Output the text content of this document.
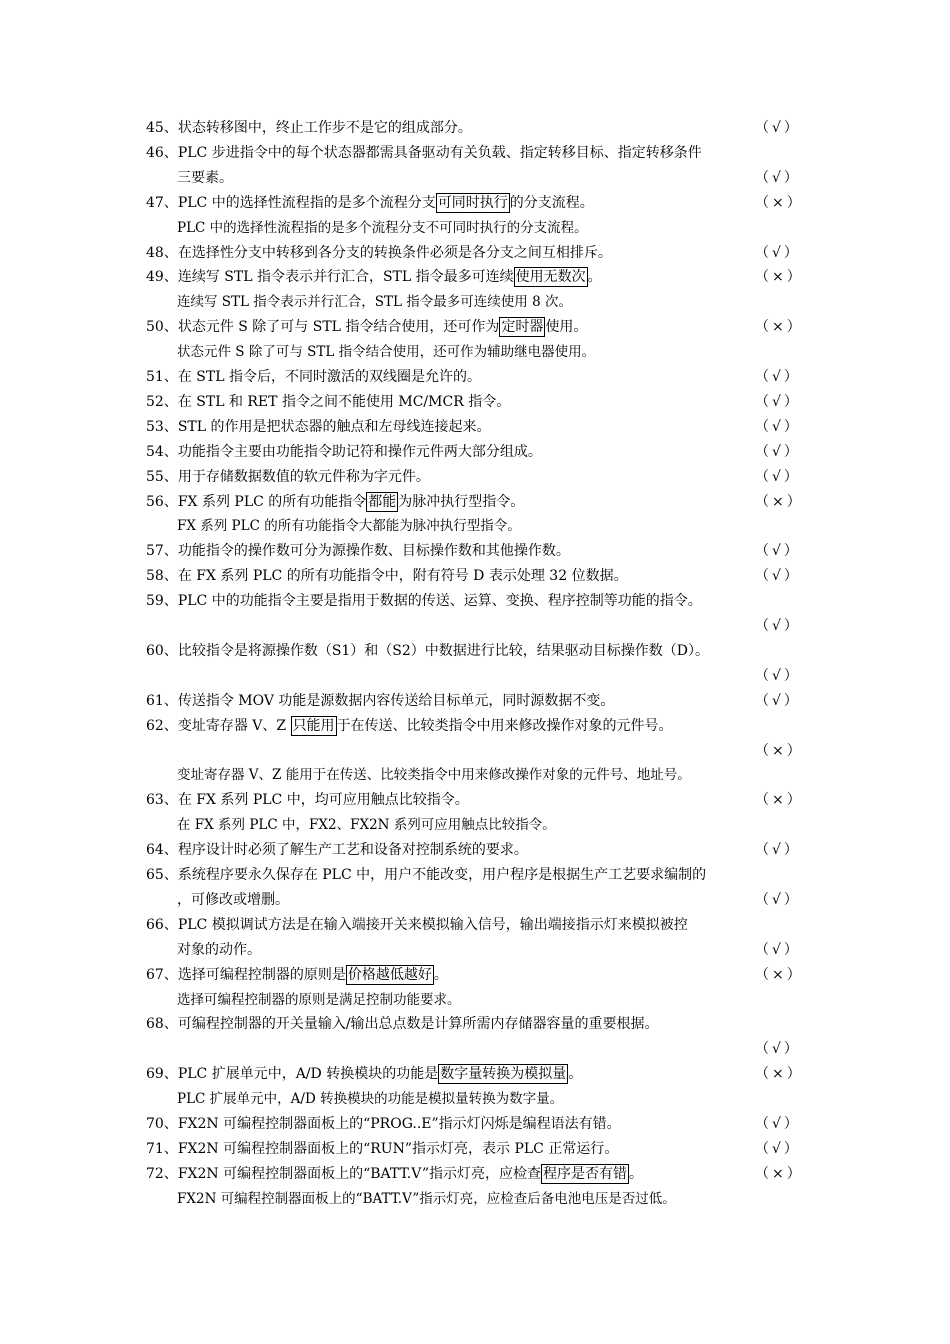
45、状态转移图中，终止工作步不是它的组成部分。	（√）
46、PLC 步进指令中的每个状态器都需具备驱动有关负载、指定转移目标、指定转移条件
三要素。	（√）
47、PLC 中的选择性流程指的是多个流程分支 可同时执行 的分支流程。	（×）
PLC 中的选择性流程指的是多个流程分支不可同时执行的分支流程。
48、在选择性分支中转移到各分支的转换条件必须是各分支之间互相排斥。	（√）
49、连续写 STL 指令表示并行汇合，STL 指令最多可连续 使用无数次 。	（×）
连续写 STL 指令表示并行汇合，STL 指令最多可连续使用 8 次。
50、状态元件 S 除了可与 STL 指令结合使用，还可作为 定时器 使用。	（×）
状态元件 S 除了可与 STL 指令结合使用，还可作为辅助继电器使用。
51、在 STL 指令后，不同时激活的双线圈是允许的。	（√）
52、在 STL 和 RET 指令之间不能使用 MC/MCR 指令。	（√）
53、STL 的作用是把状态器的触点和左母线连接起来。	（√）
54、功能指令主要由功能指令助记符和操作元件两大部分组成。	（√）
55、用于存储数据数值的软元件称为字元件。	（√）
56、FX 系列 PLC 的所有功能指令 都能 为脉冲执行型指令。	（×）
FX 系列 PLC 的所有功能指令大都能为脉冲执行型指令。
57、功能指令的操作数可分为源操作数、目标操作数和其他操作数。	（√）
58、在 FX 系列 PLC 的所有功能指令中，附有符号 D 表示处理 32 位数据。	（√）
59、PLC 中的功能指令主要是指用于数据的传送、运算、变换、程序控制等功能的指令。
（√）
60、比较指令是将源操作数（S1）和（S2）中数据进行比较，结果驱动目标操作数（D）。
（√）
61、传送指令 MOV 功能是源数据内容传送给目标单元，同时源数据不变。	（√）
62、变址寄存器 V、Z 只能用 于在传送、比较类指令中用来修改操作对象的元件号。
（×）
变址寄存器 V、Z 能用于在传送、比较类指令中用来修改操作对象的元件号、地址号。
63、在 FX 系列 PLC 中，均可应用触点比较指令。	（×）
在 FX 系列 PLC 中，FX2、FX2N 系列可应用触点比较指令。
64、程序设计时必须了解生产工艺和设备对控制系统的要求。	（√）
65、系统程序要永久保存在 PLC 中，用户不能改变，用户程序是根据生产工艺要求编制的
，可修改或增删。	（√）
66、PLC 模拟调试方法是在输入端接开关来模拟输入信号，输出端接指示灯来模拟被控
对象的动作。	（√）
67、选择可编程控制器的原则是 价格越低越好 。	（×）
选择可编程控制器的原则是满足控制功能要求。
68、可编程控制器的开关量输入/输出总点数是计算所需内存储器容量的重要根据。
（√）
69、PLC 扩展单元中，A/D 转换模块的功能是 数字量转换为模拟量 。	（×）
PLC 扩展单元中，A/D 转换模块的功能是模拟量转换为数字量。
70、FX2N 可编程控制器面板上的“PROG..E”指示灯闪烁是编程语法有错。	（√）
71、FX2N 可编程控制器面板上的“RUN”指示灯亮，表示 PLC 正常运行。	（√）
72、FX2N 可编程控制器面板上的“BATT.V”指示灯亮，应检查 程序是否有错 。	（×）
FX2N 可编程控制器面板上的“BATT.V”指示灯亮，应检查后备电池电压是否过低。
